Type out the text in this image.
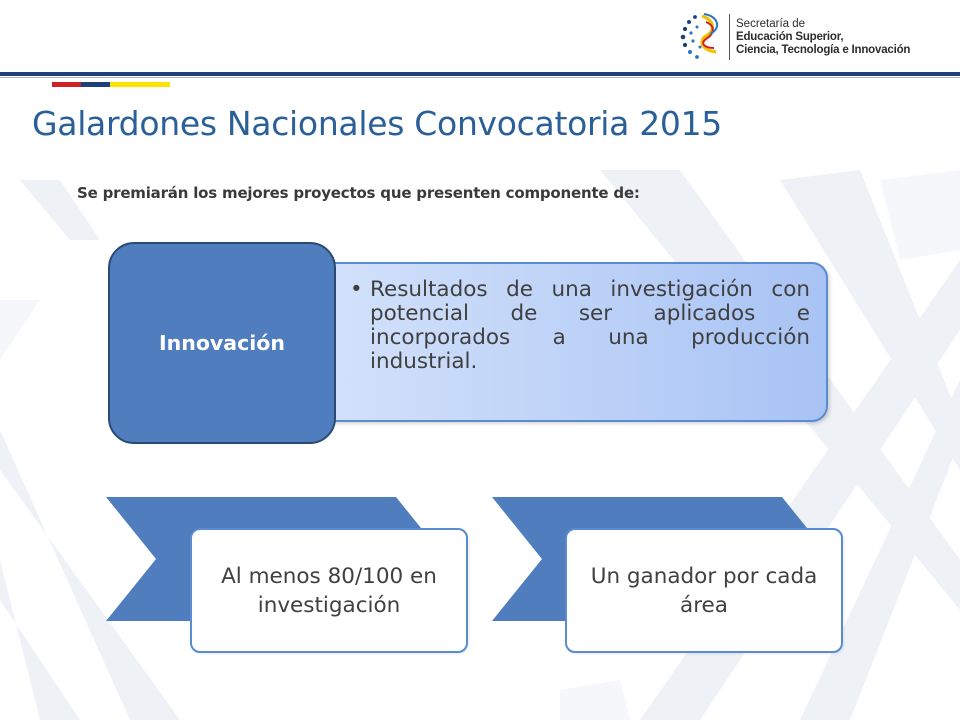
Secretaría de
Educación Superior,
Ciencia, Tecnología e Innovación
Galardones Nacionales Convocatoria 2015

Se premiarán los mejores proyectos que presenten componente de:

• Resultados de una investigación con potencial de ser aplicados e incorporados a una producción industrial.
Innovación
Al menos 80/100 en investigación
Un ganador por cada área
